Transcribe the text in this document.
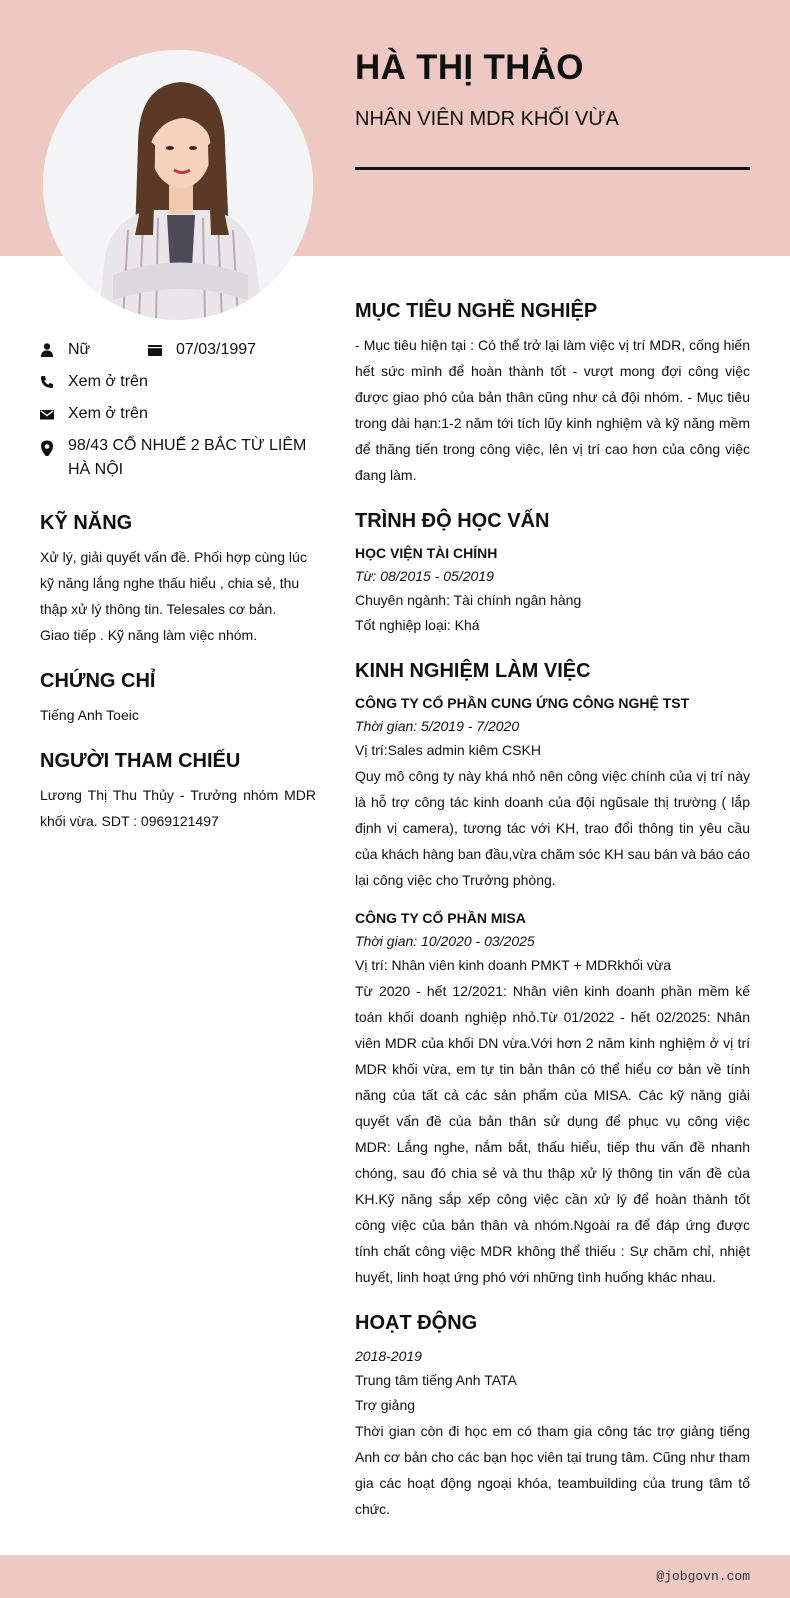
HÀ THỊ THẢO
NHÂN VIÊN MDR KHỐI VỪA
Nữ	07/03/1997
Xem ở trên
Xem ở trên
98/43 CỔ NHUẾ 2 BẮC TỪ LIÊM HÀ NỘI
KỸ NĂNG
Xử lý, giải quyết vấn đề. Phối hợp cùng lúc kỹ năng lắng nghe thấu hiểu , chia sẻ, thu thập xử lý thông tin. Telesales cơ bản.
Giao tiếp . Kỹ năng làm việc nhóm.
CHỨNG CHỈ
Tiếng Anh Toeic
NGƯỜI THAM CHIẾU
Lương Thị Thu Thủy - Trưởng nhóm MDR khối vừa. SDT : 0969121497
MỤC TIÊU NGHỀ NGHIỆP
- Mục tiêu hiện tại : Có thể trở lại làm việc vị trí MDR, cống hiến hết sức mình để hoàn thành tốt - vượt mong đợi công việc được giao phó của bản thân cũng như cả đội nhóm. - Mục tiêu trong dài hạn:1-2 năm tới tích lũy kinh nghiệm và kỹ năng mềm để thăng tiến trong công việc, lên vị trí cao hơn của công việc đang làm.
TRÌNH ĐỘ HỌC VẤN
HỌC VIỆN TÀI CHÍNH
Từ: 08/2015 - 05/2019
Chuyên ngành: Tài chính ngân hàng
Tốt nghiệp loại: Khá
KINH NGHIỆM LÀM VIỆC
CÔNG TY CỔ PHẦN CUNG ỨNG CÔNG NGHỆ TST
Thời gian: 5/2019 - 7/2020
Vị trí:Sales admin kiêm CSKH
Quy mô công ty này khá nhỏ nên công việc chính của vị trí này là hỗ trợ công tác kinh doanh của đội ngũsale thị trường ( lắp định vị camera), tương tác với KH, trao đổi thông tin yêu cầu của khách hàng ban đầu,vừa chăm sóc KH sau bán và báo cáo lại công việc cho Trưởng phòng.
CÔNG TY CỔ PHẦN MISA
Thời gian: 10/2020 - 03/2025
Vị trí: Nhân viên kinh doanh PMKT + MDRkhối vừa
Từ 2020 - hết 12/2021: Nhân viên kinh doanh phần mềm kế toán khối doanh nghiệp nhỏ.Từ 01/2022 - hết 02/2025: Nhân viên MDR của khối DN vừa.Với hơn 2 năm kinh nghiệm ở vị trí MDR khối vừa, em tự tin bản thân có thể hiểu cơ bản về tính năng của tất cả các sản phẩm của MISA. Các kỹ năng giải quyết vấn đề của bản thân sử dụng để phục vụ công việc MDR: Lắng nghe, nắm bắt, thấu hiểu, tiếp thu vấn đề nhanh chóng, sau đó chia sẻ và thu thập xử lý thông tin vấn đề của KH.Kỹ năng sắp xếp công việc cần xử lý để hoàn thành tốt công việc của bản thân và nhóm.Ngoài ra để đáp ứng được tính chất công việc MDR không thể thiếu : Sự chăm chỉ, nhiệt huyết, linh hoạt ứng phó với những tình huống khác nhau.
HOẠT ĐỘNG
2018-2019
Trung tâm tiếng Anh TATA
Trợ giảng
Thời gian còn đi học em có tham gia công tác trợ giảng tiếng Anh cơ bản cho các bạn học viên tại trung tâm. Cũng như tham gia các hoạt động ngoại khóa, teambuilding của trung tâm tổ chức.
@jobgovn.com
